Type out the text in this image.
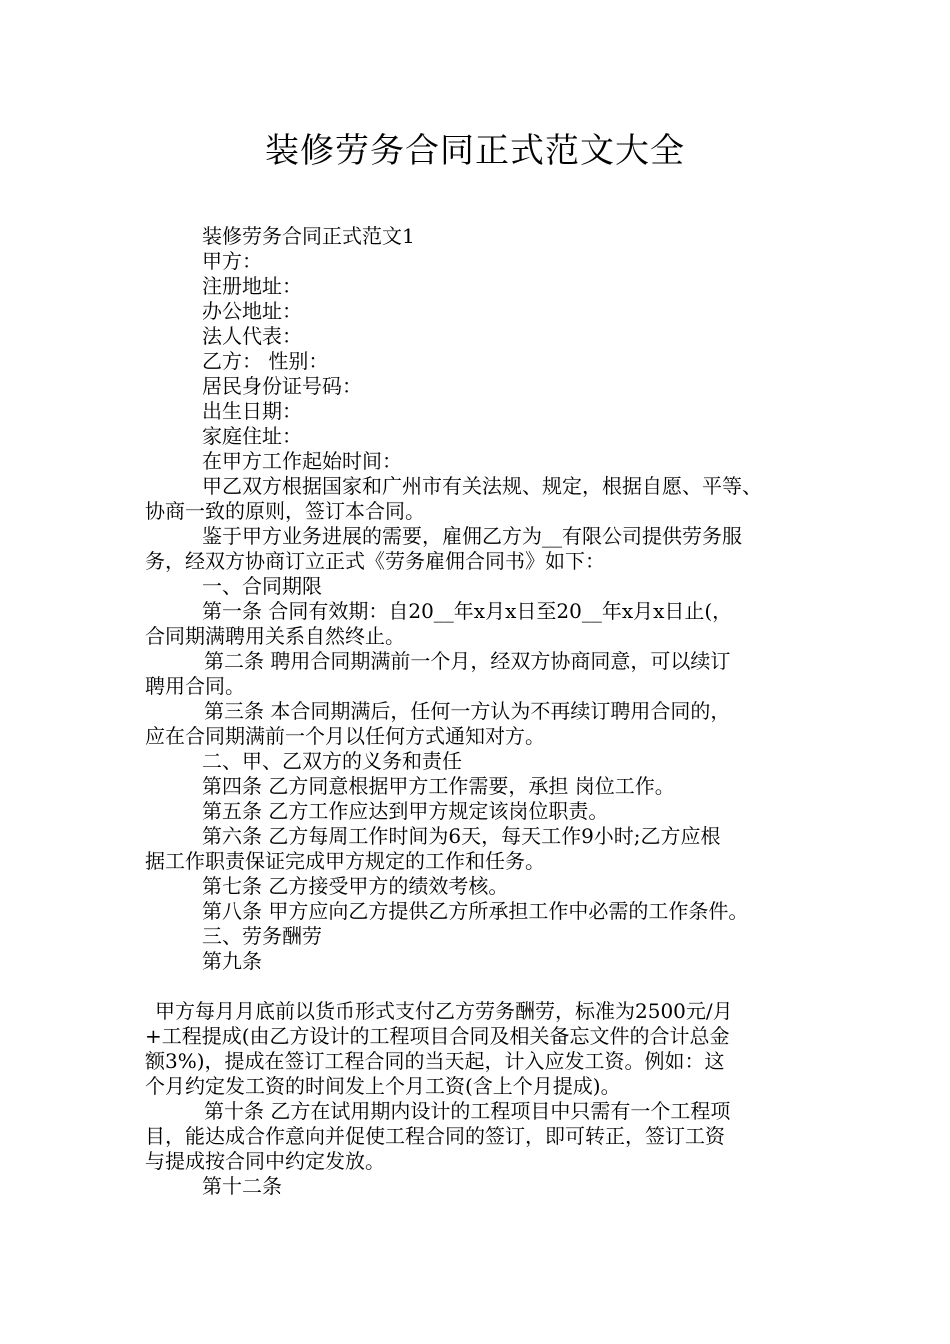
装修劳务合同正式范文大全

装修劳务合同正式范文1

甲方：

注册地址：

办公地址：

法人代表：

乙方： 性别：

居民身份证号码：

出生日期：

家庭住址：

在甲方工作起始时间：

甲乙双方根据国家和广州市有关法规、规定，根据自愿、平等、

协商一致的原则，签订本合同。

鉴于甲方业务进展的需要，雇佣乙方为__有限公司提供劳务服

务，经双方协商订立正式《劳务雇佣合同书》如下：

一、合同期限

第一条 合同有效期：自20__年x月x日至20__年x月x日止(，

合同期满聘用关系自然终止。

第二条 聘用合同期满前一个月，经双方协商同意，可以续订

聘用合同。

第三条 本合同期满后，任何一方认为不再续订聘用合同的，

应在合同期满前一个月以任何方式通知对方。

二、甲、乙双方的义务和责任

第四条 乙方同意根据甲方工作需要，承担 岗位工作。

第五条 乙方工作应达到甲方规定该岗位职责。

第六条 乙方每周工作时间为6天，每天工作9小时;乙方应根

据工作职责保证完成甲方规定的工作和任务。

第七条 乙方接受甲方的绩效考核。

第八条 甲方应向乙方提供乙方所承担工作中必需的工作条件。

三、劳务酬劳

第九条

甲方每月月底前以货币形式支付乙方劳务酬劳，标准为2500元/月

+工程提成(由乙方设计的工程项目合同及相关备忘文件的合计总金

额3%)，提成在签订工程合同的当天起，计入应发工资。例如：这

个月约定发工资的时间发上个月工资(含上个月提成)。

第十条 乙方在试用期内设计的工程项目中只需有一个工程项

目，能达成合作意向并促使工程合同的签订，即可转正，签订工资

与提成按合同中约定发放。

第十二条
